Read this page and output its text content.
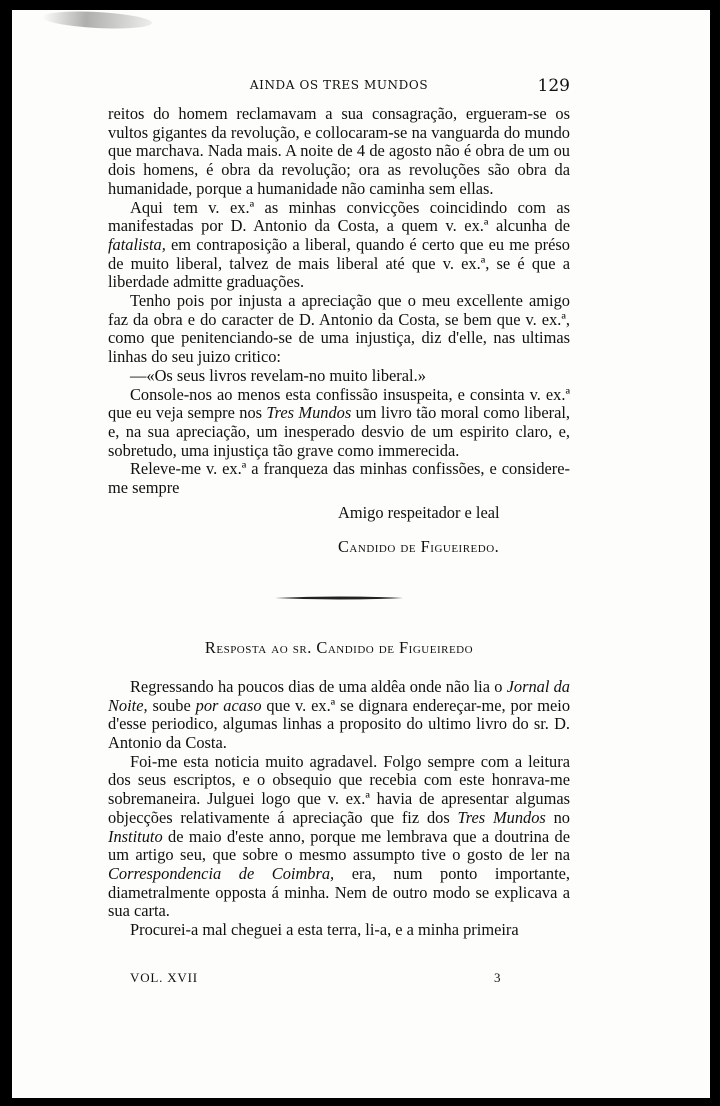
AINDA OS TRES MUNDOS	129

reitos do homem reclamavam a sua consagração, ergueram-se os vultos gigantes da revolução, e collocaram-se na vanguarda do mundo que marchava. Nada mais. A noite de 4 de agosto não é obra de um ou dois homens, é obra da revolução; ora as revoluções são obra da humanidade, porque a humanidade não caminha sem ellas.

Aqui tem v. ex.ª as minhas convicções coincidindo com as manifestadas por D. Antonio da Costa, a quem v. ex.ª alcunha de fatalista, em contraposição a liberal, quando é certo que eu me préso de muito liberal, talvez de mais liberal até que v. ex.ª, se é que a liberdade admitte graduações.

Tenho pois por injusta a apreciação que o meu excellente amigo faz da obra e do caracter de D. Antonio da Costa, se bem que v. ex.ª, como que penitenciando-se de uma injustiça, diz d'elle, nas ultimas linhas do seu juizo critico:

—«Os seus livros revelam-no muito liberal.»

Console-nos ao menos esta confissão insuspeita, e consinta v. ex.ª que eu veja sempre nos Tres Mundos um livro tão moral como liberal, e, na sua apreciação, um inesperado desvio de um espirito claro, e, sobretudo, uma injustiça tão grave como immerecida.

Releve-me v. ex.ª a franqueza das minhas confissões, e considere-me sempre

Amigo respeitador e leal

Candido de Figueiredo.

Resposta ao sr. Candido de Figueiredo

Regressando ha poucos dias de uma aldêa onde não lia o Jornal da Noite, soube por acaso que v. ex.ª se dignara endereçar-me, por meio d'esse periodico, algumas linhas a proposito do ultimo livro do sr. D. Antonio da Costa.

Foi-me esta noticia muito agradavel. Folgo sempre com a leitura dos seus escriptos, e o obsequio que recebia com este honrava-me sobremaneira. Julguei logo que v. ex.ª havia de apresentar algumas objecções relativamente á apreciação que fiz dos Tres Mundos no Instituto de maio d'este anno, porque me lembrava que a doutrina de um artigo seu, que sobre o mesmo assumpto tive o gosto de ler na Correspondencia de Coimbra, era, num ponto importante, diametralmente opposta á minha. Nem de outro modo se explicava a sua carta.

Procurei-a mal cheguei a esta terra, li-a, e a minha primeira

VOL. XVII	3
